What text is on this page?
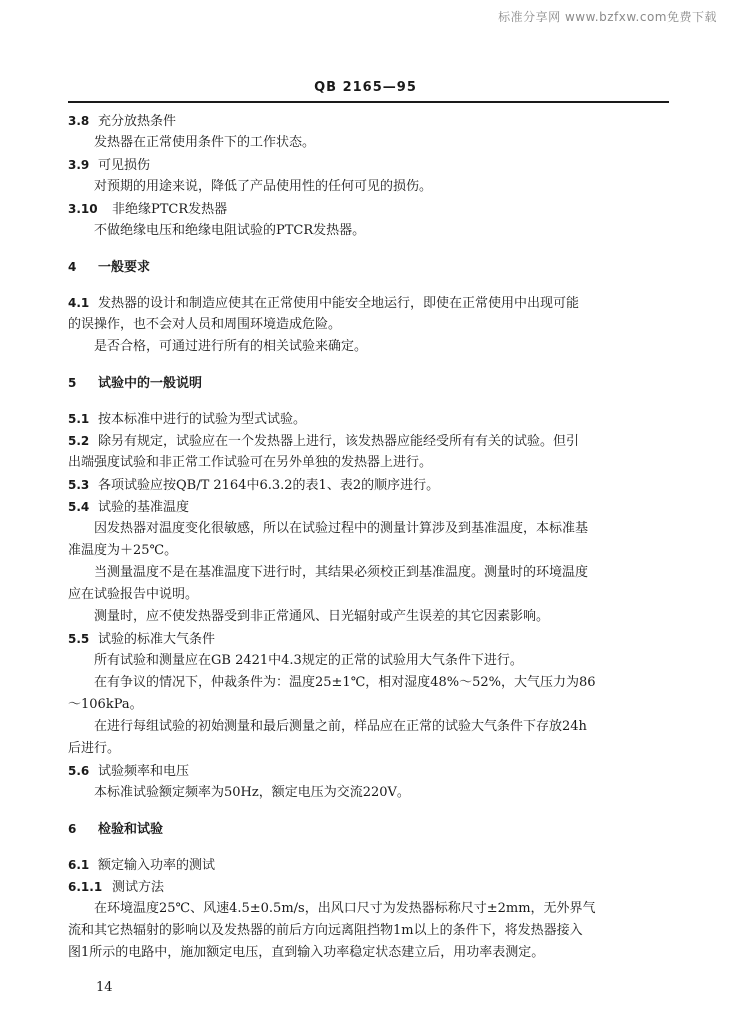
标准分享网 www.bzfxw.com免费下载
QB 2165—95
3.8 充分放热条件
发热器在正常使用条件下的工作状态。
3.9 可见损伤
对预期的用途来说，降低了产品使用性的任何可见的损伤。
3.10 非绝缘PTCR发热器
不做绝缘电压和绝缘电阻试验的PTCR发热器。
4 一般要求
4.1 发热器的设计和制造应使其在正常使用中能安全地运行，即使在正常使用中出现可能
的误操作，也不会对人员和周围环境造成危险。
是否合格，可通过进行所有的相关试验来确定。
5 试验中的一般说明
5.1 按本标准中进行的试验为型式试验。
5.2 除另有规定，试验应在一个发热器上进行，该发热器应能经受所有有关的试验。但引
出端强度试验和非正常工作试验可在另外单独的发热器上进行。
5.3 各项试验应按QB/T 2164中6.3.2的表1、表2的顺序进行。
5.4 试验的基准温度
因发热器对温度变化很敏感，所以在试验过程中的测量计算涉及到基准温度，本标准基
准温度为＋25℃。
当测量温度不是在基准温度下进行时，其结果必须校正到基准温度。测量时的环境温度
应在试验报告中说明。
测量时，应不使发热器受到非正常通风、日光辐射或产生误差的其它因素影响。
5.5 试验的标准大气条件
所有试验和测量应在GB 2421中4.3规定的正常的试验用大气条件下进行。
在有争议的情况下，仲裁条件为：温度25±1℃，相对湿度48%～52%，大气压力为86
～106kPa。
在进行每组试验的初始测量和最后测量之前，样品应在正常的试验大气条件下存放24h
后进行。
5.6 试验频率和电压
本标准试验额定频率为50Hz，额定电压为交流220V。
6 检验和试验
6.1 额定输入功率的测试
6.1.1 测试方法
在环境温度25℃、风速4.5±0.5m/s，出风口尺寸为发热器标称尺寸±2mm，无外界气
流和其它热辐射的影响以及发热器的前后方向远离阻挡物1m以上的条件下，将发热器接入
图1所示的电路中，施加额定电压，直到输入功率稳定状态建立后，用功率表测定。
14
